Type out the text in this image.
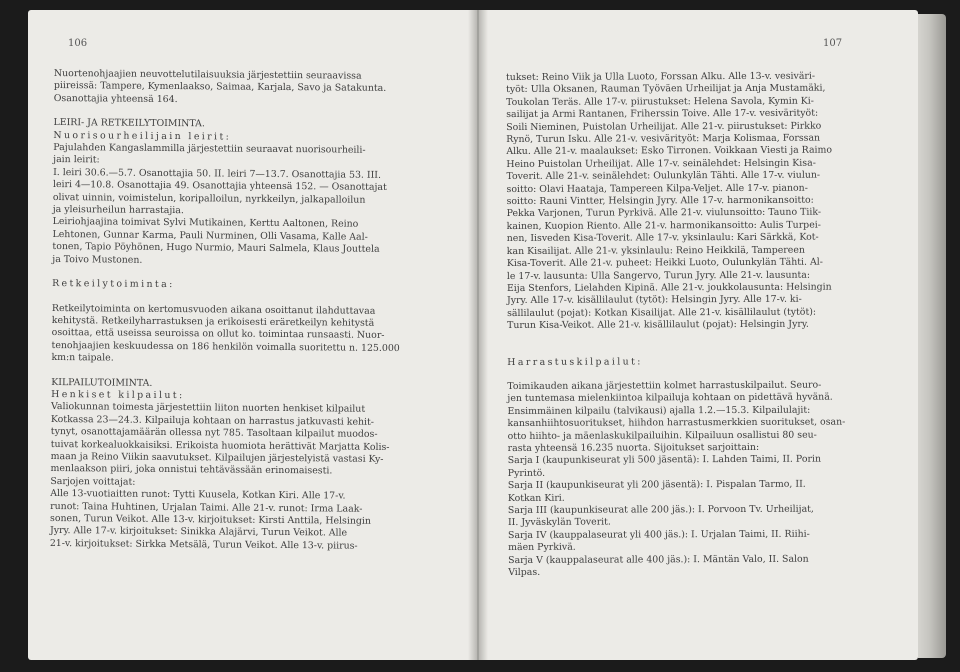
106	107

Nuortenohjaajien neuvottelutilaisuuksia järjestettiin seuraavissa

piireissä: Tampere, Kymenlaakso, Saimaa, Karjala, Savo ja Satakunta.

Osanottajia yhteensä 164.

LEIRI- JA RETKEILYTOIMINTA.

Nuorisourheilijain leirit:

Pajulahden Kangaslammilla järjestettiin seuraavat nuorisourheili-

jain leirit:

I. leiri 30.6.—5.7. Osanottajia 50. II. leiri 7—13.7. Osanottajia 53. III.

leiri 4—10.8. Osanottajia 49. Osanottajia yhteensä 152. — Osanottajat

olivat uinnin, voimistelun, koripalloilun, nyrkkeilyn, jalkapalloilun

ja yleisurheilun harrastajia.

Leiriohjaajina toimivat Sylvi Mutikainen, Kerttu Aaltonen, Reino

Lehtonen, Gunnar Karma, Pauli Nurminen, Olli Vasama, Kalle Aal-

tonen, Tapio Pöyhönen, Hugo Nurmio, Mauri Salmela, Klaus Jouttela

ja Toivo Mustonen.

Retkeilytoiminta:

Retkeilytoiminta on kertomusvuoden aikana osoittanut ilahduttavaa

kehitystä. Retkeilyharrastuksen ja erikoisesti eräretkeilyn kehitystä

osoittaa, että useissa seuroissa on ollut ko. toimintaa runsaasti. Nuor-

tenohjaajien keskuudessa on 186 henkilön voimalla suoritettu n. 125.000

km:n taipale.

KILPAILUTOIMINTA.

Henkiset kilpailut:

Valiokunnan toimesta järjestettiin liiton nuorten henkiset kilpailut

Kotkassa 23—24.3. Kilpailuja kohtaan on harrastus jatkuvasti kehit-

tynyt, osanottajamäärän ollessa nyt 785. Tasoltaan kilpailut muodos-

tuivat korkealuokkaisiksi. Erikoista huomiota herättivät Marjatta Kolis-

maan ja Reino Viikin saavutukset. Kilpailujen järjestelyistä vastasi Ky-

menlaakson piiri, joka onnistui tehtävässään erinomaisesti.

Sarjojen voittajat:

Alle 13-vuotiaitten runot: Tytti Kuusela, Kotkan Kiri. Alle 17-v.

runot: Taina Huhtinen, Urjalan Taimi. Alle 21-v. runot: Irma Laak-

sonen, Turun Veikot. Alle 13-v. kirjoitukset: Kirsti Anttila, Helsingin

Jyry. Alle 17-v. kirjoitukset: Sinikka Alajärvi, Turun Veikot. Alle

21-v. kirjoitukset: Sirkka Metsälä, Turun Veikot. Alle 13-v. piirus-

tukset: Reino Viik ja Ulla Luoto, Forssan Alku. Alle 13-v. vesiväri-

työt: Ulla Oksanen, Rauman Työväen Urheilijat ja Anja Mustamäki,

Toukolan Teräs. Alle 17-v. piirustukset: Helena Savola, Kymin Ki-

sailijat ja Armi Rantanen, Friherssin Toive. Alle 17-v. vesivärityöt:

Soili Nieminen, Puistolan Urheilijat. Alle 21-v. piirustukset: Pirkko

Rynö, Turun Isku. Alle 21-v. vesivärityöt: Marja Kolismaa, Forssan

Alku. Alle 21-v. maalaukset: Esko Tirronen. Voikkaan Viesti ja Raimo

Heino Puistolan Urheilijat. Alle 17-v. seinälehdet: Helsingin Kisa-

Toverit. Alle 21-v. seinälehdet: Oulunkylän Tähti. Alle 17-v. viulun-

soitto: Olavi Haataja, Tampereen Kilpa-Veljet. Alle 17-v. pianon-

soitto: Rauni Vintter, Helsingin Jyry. Alle 17-v. harmonikansoitto:

Pekka Varjonen, Turun Pyrkivä. Alle 21-v. viulunsoitto: Tauno Tiik-

kainen, Kuopion Riento. Alle 21-v. harmonikansoitto: Aulis Turpei-

nen, Iisveden Kisa-Toverit. Alle 17-v. yksinlaulu: Kari Särkkä, Kot-

kan Kisailijat. Alle 21-v. yksinlaulu: Reino Heikkilä, Tampereen

Kisa-Toverit. Alle 21-v. puheet: Heikki Luoto, Oulunkylän Tähti. Al-

le 17-v. lausunta: Ulla Sangervo, Turun Jyry. Alle 21-v. lausunta:

Eija Stenfors, Lielahden Kipinä. Alle 21-v. joukkolausunta: Helsingin

Jyry. Alle 17-v. kisällilaulut (tytöt): Helsingin Jyry. Alle 17-v. ki-

sällilaulut (pojat): Kotkan Kisailijat. Alle 21-v. kisällilaulut (tytöt):

Turun Kisa-Veikot. Alle 21-v. kisällilaulut (pojat): Helsingin Jyry.

Harrastuskilpailut:

Toimikauden aikana järjestettiin kolmet harrastuskilpailut. Seuro-

jen tuntemasa mielenkiintoa kilpailuja kohtaan on pidettävä hyvänä.

Ensimmäinen kilpailu (talvikausi) ajalla 1.2.—15.3. Kilpailulajit:

kansanhiihtosuoritukset, hiihdon harrastusmerkkien suoritukset, osan-

otto hiihto- ja mäenlaskukilpailuihin. Kilpailuun osallistui 80 seu-

rasta yhteensä 16.235 nuorta. Sijoitukset sarjoittain:

Sarja I (kaupunkiseurat yli 500 jäsentä): I. Lahden Taimi, II. Porin

Pyrintö.

Sarja II (kaupunkiseurat yli 200 jäsentä): I. Pispalan Tarmo, II.

Kotkan Kiri.

Sarja III (kaupunkiseurat alle 200 jäs.): I. Porvoon Tv. Urheilijat,

II. Jyväskylän Toverit.

Sarja IV (kauppalaseurat yli 400 jäs.): I. Urjalan Taimi, II. Riihi-

mäen Pyrkivä.

Sarja V (kauppalaseurat alle 400 jäs.): I. Mäntän Valo, II. Salon

Vilpas.
